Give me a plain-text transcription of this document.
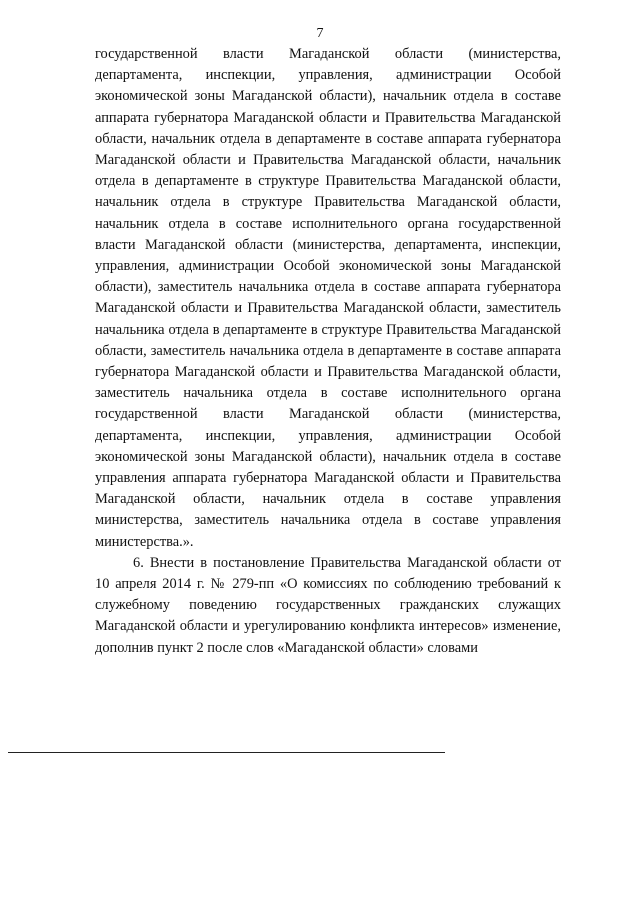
7

государственной власти Магаданской области (министерства, департамента, инспекции, управления, администрации Особой экономической зоны Магаданской области), начальник отдела в составе аппарата губернатора Магаданской области и Правительства Магаданской области, начальник отдела в департаменте в составе аппарата губернатора Магаданской области и Правительства Магаданской области, начальник отдела в департаменте в структуре Правительства Магаданской области, начальник отдела в структуре Правительства Магаданской области, начальник отдела в составе исполнительного органа государственной власти Магаданской области (министерства, департамента, инспекции, управления, администрации Особой экономической зоны Магаданской области), заместитель начальника отдела в составе аппарата губернатора Магаданской области и Правительства Магаданской области, заместитель начальника отдела в департаменте в структуре Правительства Магаданской области, заместитель начальника отдела в департаменте в составе аппарата губернатора Магаданской области и Правительства Магаданской области, заместитель начальника отдела в составе исполнительного органа государственной власти Магаданской области (министерства, департамента, инспекции, управления, администрации Особой экономической зоны Магаданской области), начальник отдела в составе управления аппарата губернатора Магаданской области и Правительства Магаданской области, начальник отдела в составе управления министерства, заместитель начальника отдела в составе управления министерства.».

6. Внести в постановление Правительства Магаданской области от 10 апреля 2014 г. № 279-пп «О комиссиях по соблюдению требований к служебному поведению государственных гражданских служащих Магаданской области и урегулированию конфликта интересов» изменение, дополнив пункт 2 после слов «Магаданской области» словами
